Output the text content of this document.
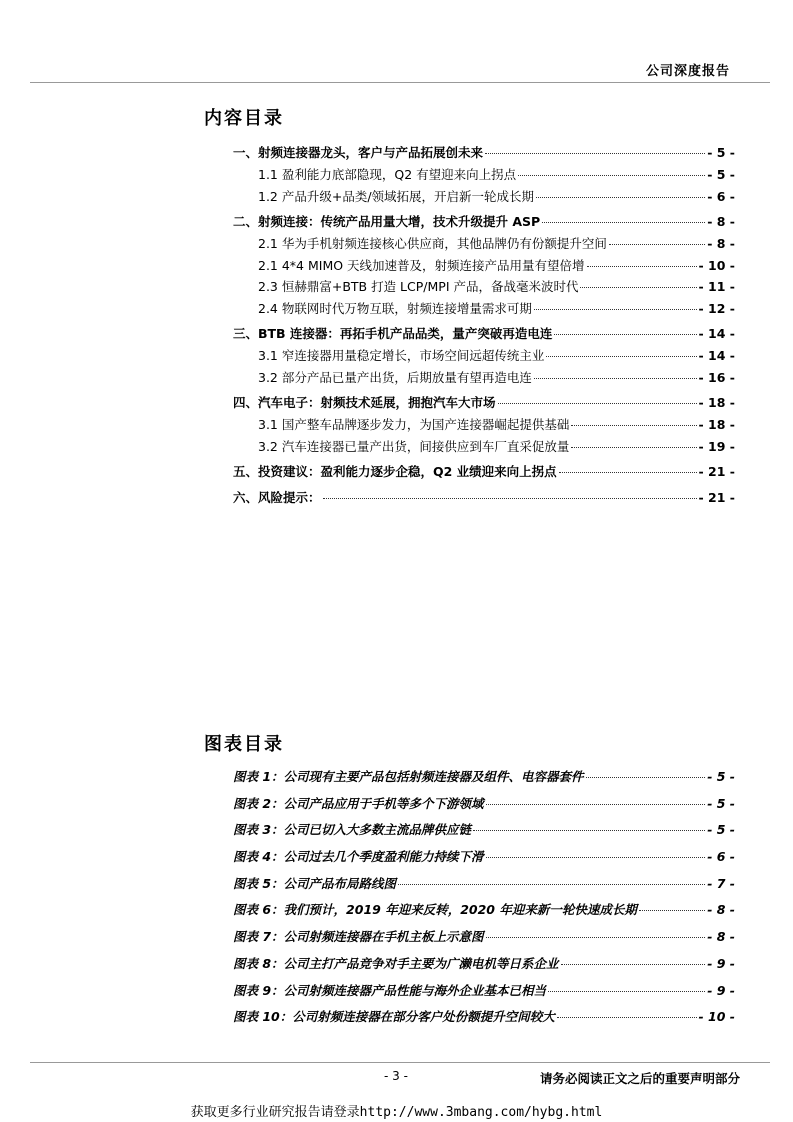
公司深度报告
内容目录
一、射频连接器龙头，客户与产品拓展创未来	- 5 -
1.1 盈利能力底部隐现，Q2 有望迎来向上拐点	- 5 -
1.2 产品升级+品类/领域拓展，开启新一轮成长期	- 6 -
二、射频连接：传统产品用量大增，技术升级提升 ASP	- 8 -
2.1 华为手机射频连接核心供应商，其他品牌仍有份额提升空间	- 8 -
2.1 4*4 MIMO 天线加速普及，射频连接产品用量有望倍增	- 10 -
2.3 恒赫鼎富+BTB 打造 LCP/MPI 产品，备战毫米波时代	- 11 -
2.4 物联网时代万物互联，射频连接增量需求可期	- 12 -
三、BTB 连接器：再拓手机产品品类，量产突破再造电连	- 14 -
3.1 窄连接器用量稳定增长，市场空间远超传统主业	- 14 -
3.2 部分产品已量产出货，后期放量有望再造电连	- 16 -
四、汽车电子：射频技术延展，拥抱汽车大市场	- 18 -
3.1 国产整车品牌逐步发力，为国产连接器崛起提供基础	- 18 -
3.2 汽车连接器已量产出货，间接供应到车厂直采促放量	- 19 -
五、投资建议：盈利能力逐步企稳，Q2 业绩迎来向上拐点	- 21 -
六、风险提示：	- 21 -
图表目录
图表 1：公司现有主要产品包括射频连接器及组件、电容器套件	- 5 -
图表 2：公司产品应用于手机等多个下游领域	- 5 -
图表 3：公司已切入大多数主流品牌供应链	- 5 -
图表 4：公司过去几个季度盈利能力持续下滑	- 6 -
图表 5：公司产品布局路线图	- 7 -
图表 6：我们预计，2019 年迎来反转，2020 年迎来新一轮快速成长期	- 8 -
图表 7：公司射频连接器在手机主板上示意图	- 8 -
图表 8：公司主打产品竞争对手主要为广濑电机等日系企业	- 9 -
图表 9：公司射频连接器产品性能与海外企业基本已相当	- 9 -
图表 10：公司射频连接器在部分客户处份额提升空间较大	- 10 -
- 3 -	请务必阅读正文之后的重要声明部分
获取更多行业研究报告请登录http://www.3mbang.com/hybg.html
